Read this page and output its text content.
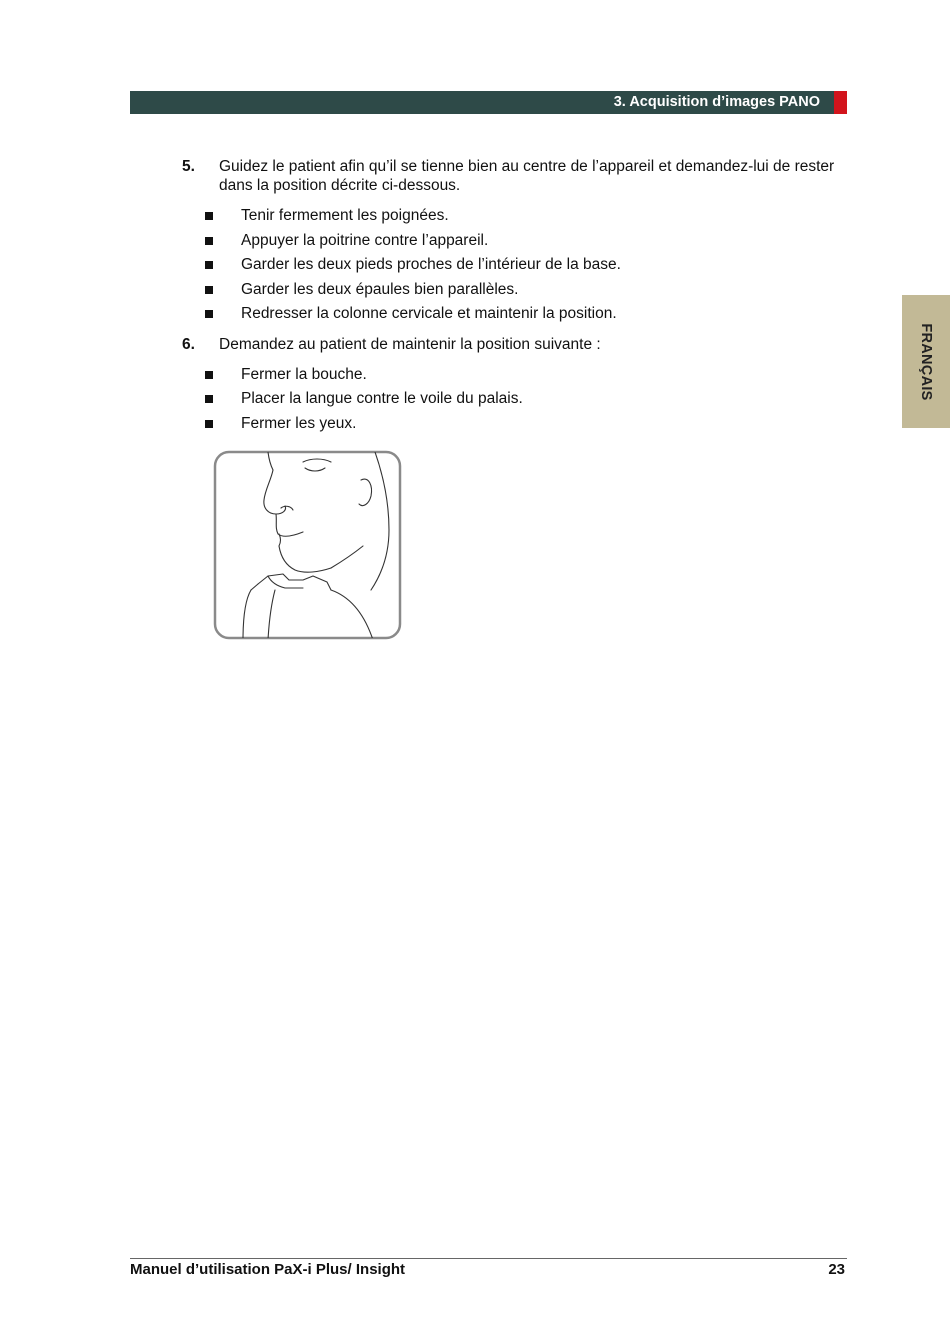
3. Acquisition d’images PANO
FRANÇAIS
5. Guidez le patient afin qu’il se tienne bien au centre de l’appareil et demandez-lui de rester dans la position décrite ci-dessous.
Tenir fermement les poignées.
Appuyer la poitrine contre l’appareil.
Garder les deux pieds proches de l’intérieur de la base.
Garder les deux épaules bien parallèles.
Redresser la colonne cervicale et maintenir la position.
6. Demandez au patient de maintenir la position suivante :
Fermer la bouche.
Placer la langue contre le voile du palais.
Fermer les yeux.
Manuel d’utilisation PaX-i Plus/ Insight	23
